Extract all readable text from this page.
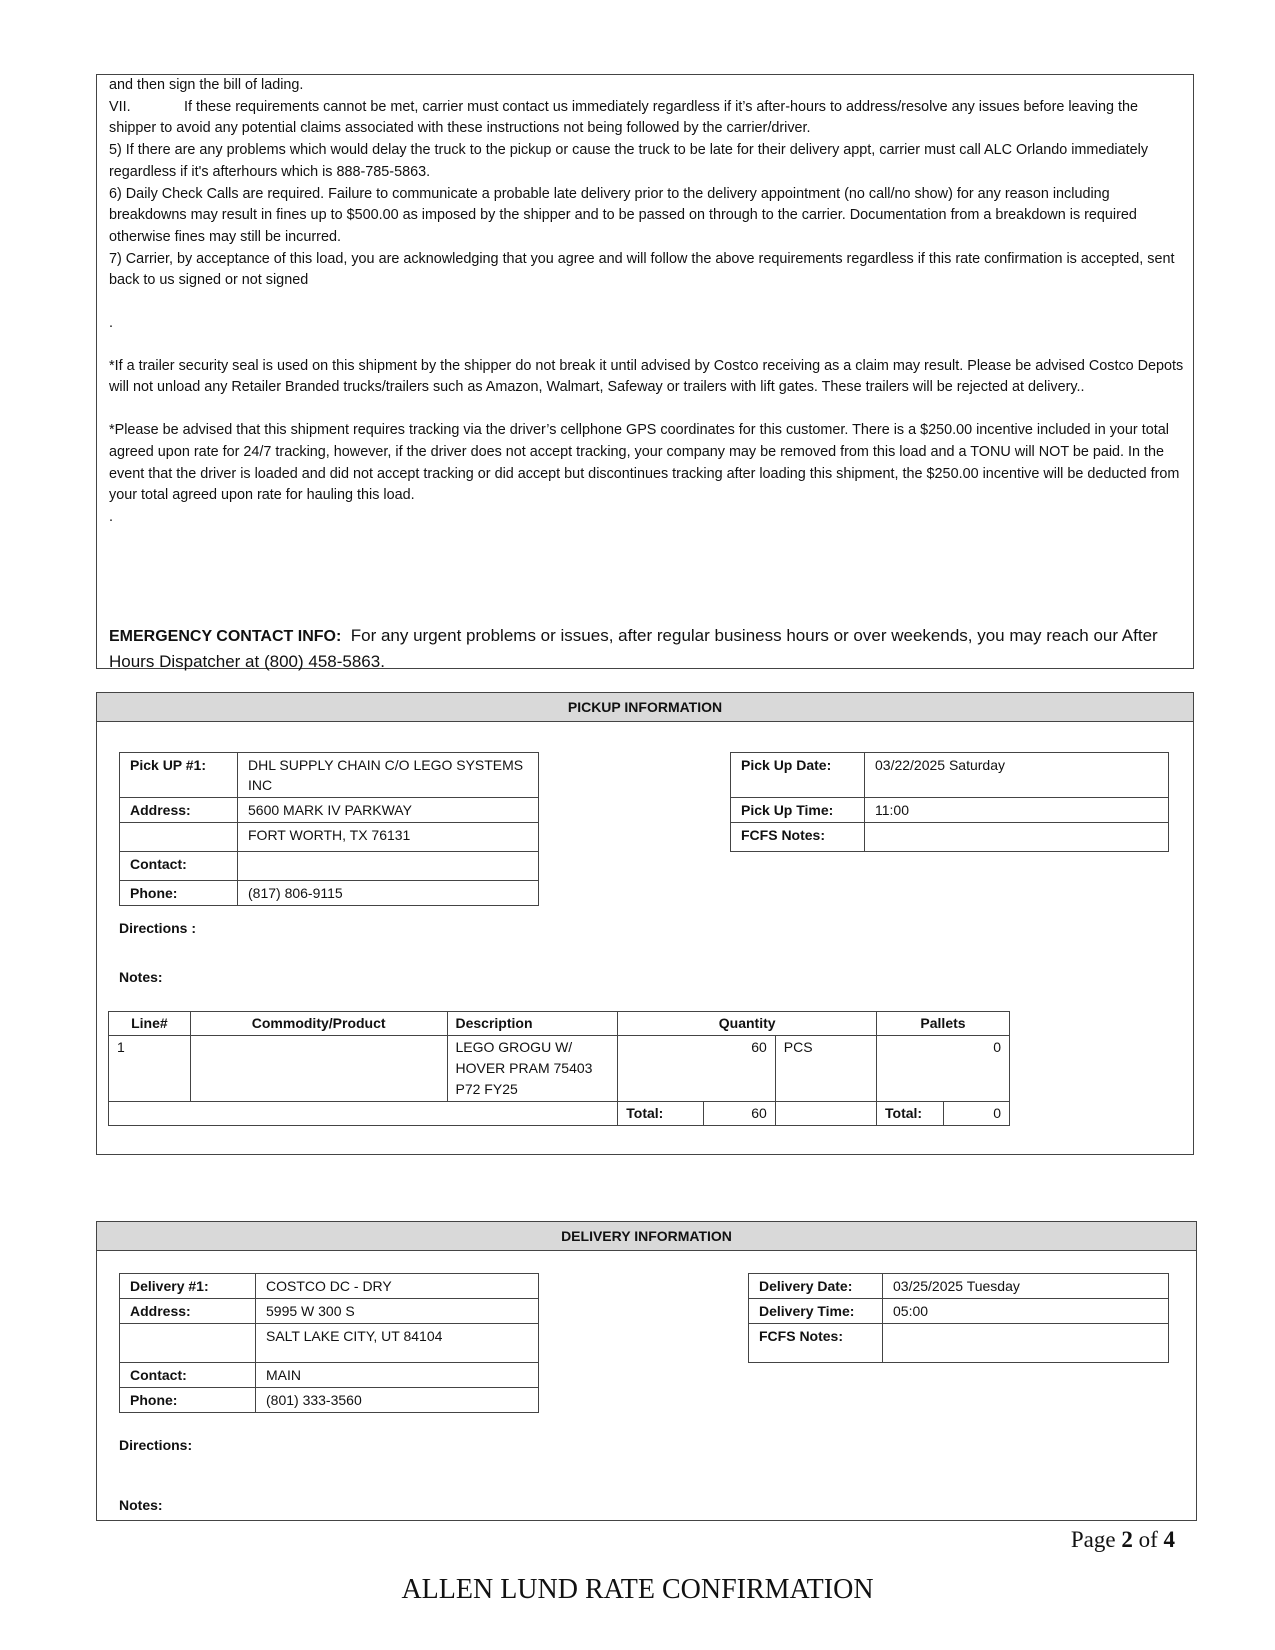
and then sign the bill of lading.

VII.	If these requirements cannot be met, carrier must contact us immediately regardless if it’s after-hours to address/resolve any issues before leaving the shipper to avoid any potential claims associated with these instructions not being followed by the carrier/driver.

5) If there are any problems which would delay the truck to the pickup or cause the truck to be late for their delivery appt, carrier must call ALC Orlando immediately regardless if it's afterhours which is 888-785-5863.

6) Daily Check Calls are required. Failure to communicate a probable late delivery prior to the delivery appointment (no call/no show) for any reason including breakdowns may result in fines up to $500.00 as imposed by the shipper and to be passed on through to the carrier. Documentation from a breakdown is required otherwise fines may still be incurred.

7) Carrier, by acceptance of this load, you are acknowledging that you agree and will follow the above requirements regardless if this rate confirmation is accepted, sent back to us signed or not signed

.

*If a trailer security seal is used on this shipment by the shipper do not break it until advised by Costco receiving as a claim may result. Please be advised Costco Depots will not unload any Retailer Branded trucks/trailers such as Amazon, Walmart, Safeway or trailers with lift gates. These trailers will be rejected at delivery..

*Please be advised that this shipment requires tracking via the driver’s cellphone GPS coordinates for this customer. There is a $250.00 incentive included in your total agreed upon rate for 24/7 tracking, however, if the driver does not accept tracking, your company may be removed from this load and a TONU will NOT be paid. In the event that the driver is loaded and did not accept tracking or did accept but discontinues tracking after loading this shipment, the $250.00 incentive will be deducted from your total agreed upon rate for hauling this load.

.

EMERGENCY CONTACT INFO: For any urgent problems or issues, after regular business hours or over weekends, you may reach our After Hours Dispatcher at (800) 458-5863.
PICKUP INFORMATION
Pick UP #1:	DHL SUPPLY CHAIN C/O LEGO SYSTEMS INC
Address:	5600 MARK IV PARKWAY
	FORT WORTH, TX 76131
Contact:	
Phone:	(817) 806-9115
Pick Up Date:	03/22/2025 Saturday
Pick Up Time:	11:00
FCFS Notes:	
Directions :
Notes:
Line#	Commodity/Product	Description	Quantity			Pallets	
1		LEGO GROGU W/ HOVER PRAM 75403 P72 FY25	60		PCS	0	
			Total:	60		Total:	0
DELIVERY INFORMATION
Delivery #1:	COSTCO DC - DRY
Address:	5995 W 300 S
	SALT LAKE CITY, UT 84104
Contact:	MAIN
Phone:	(801) 333-3560
Delivery Date:	03/25/2025 Tuesday
Delivery Time:	05:00
FCFS Notes:	
Directions:
Notes:
Page 2 of 4
ALLEN LUND RATE CONFIRMATION
